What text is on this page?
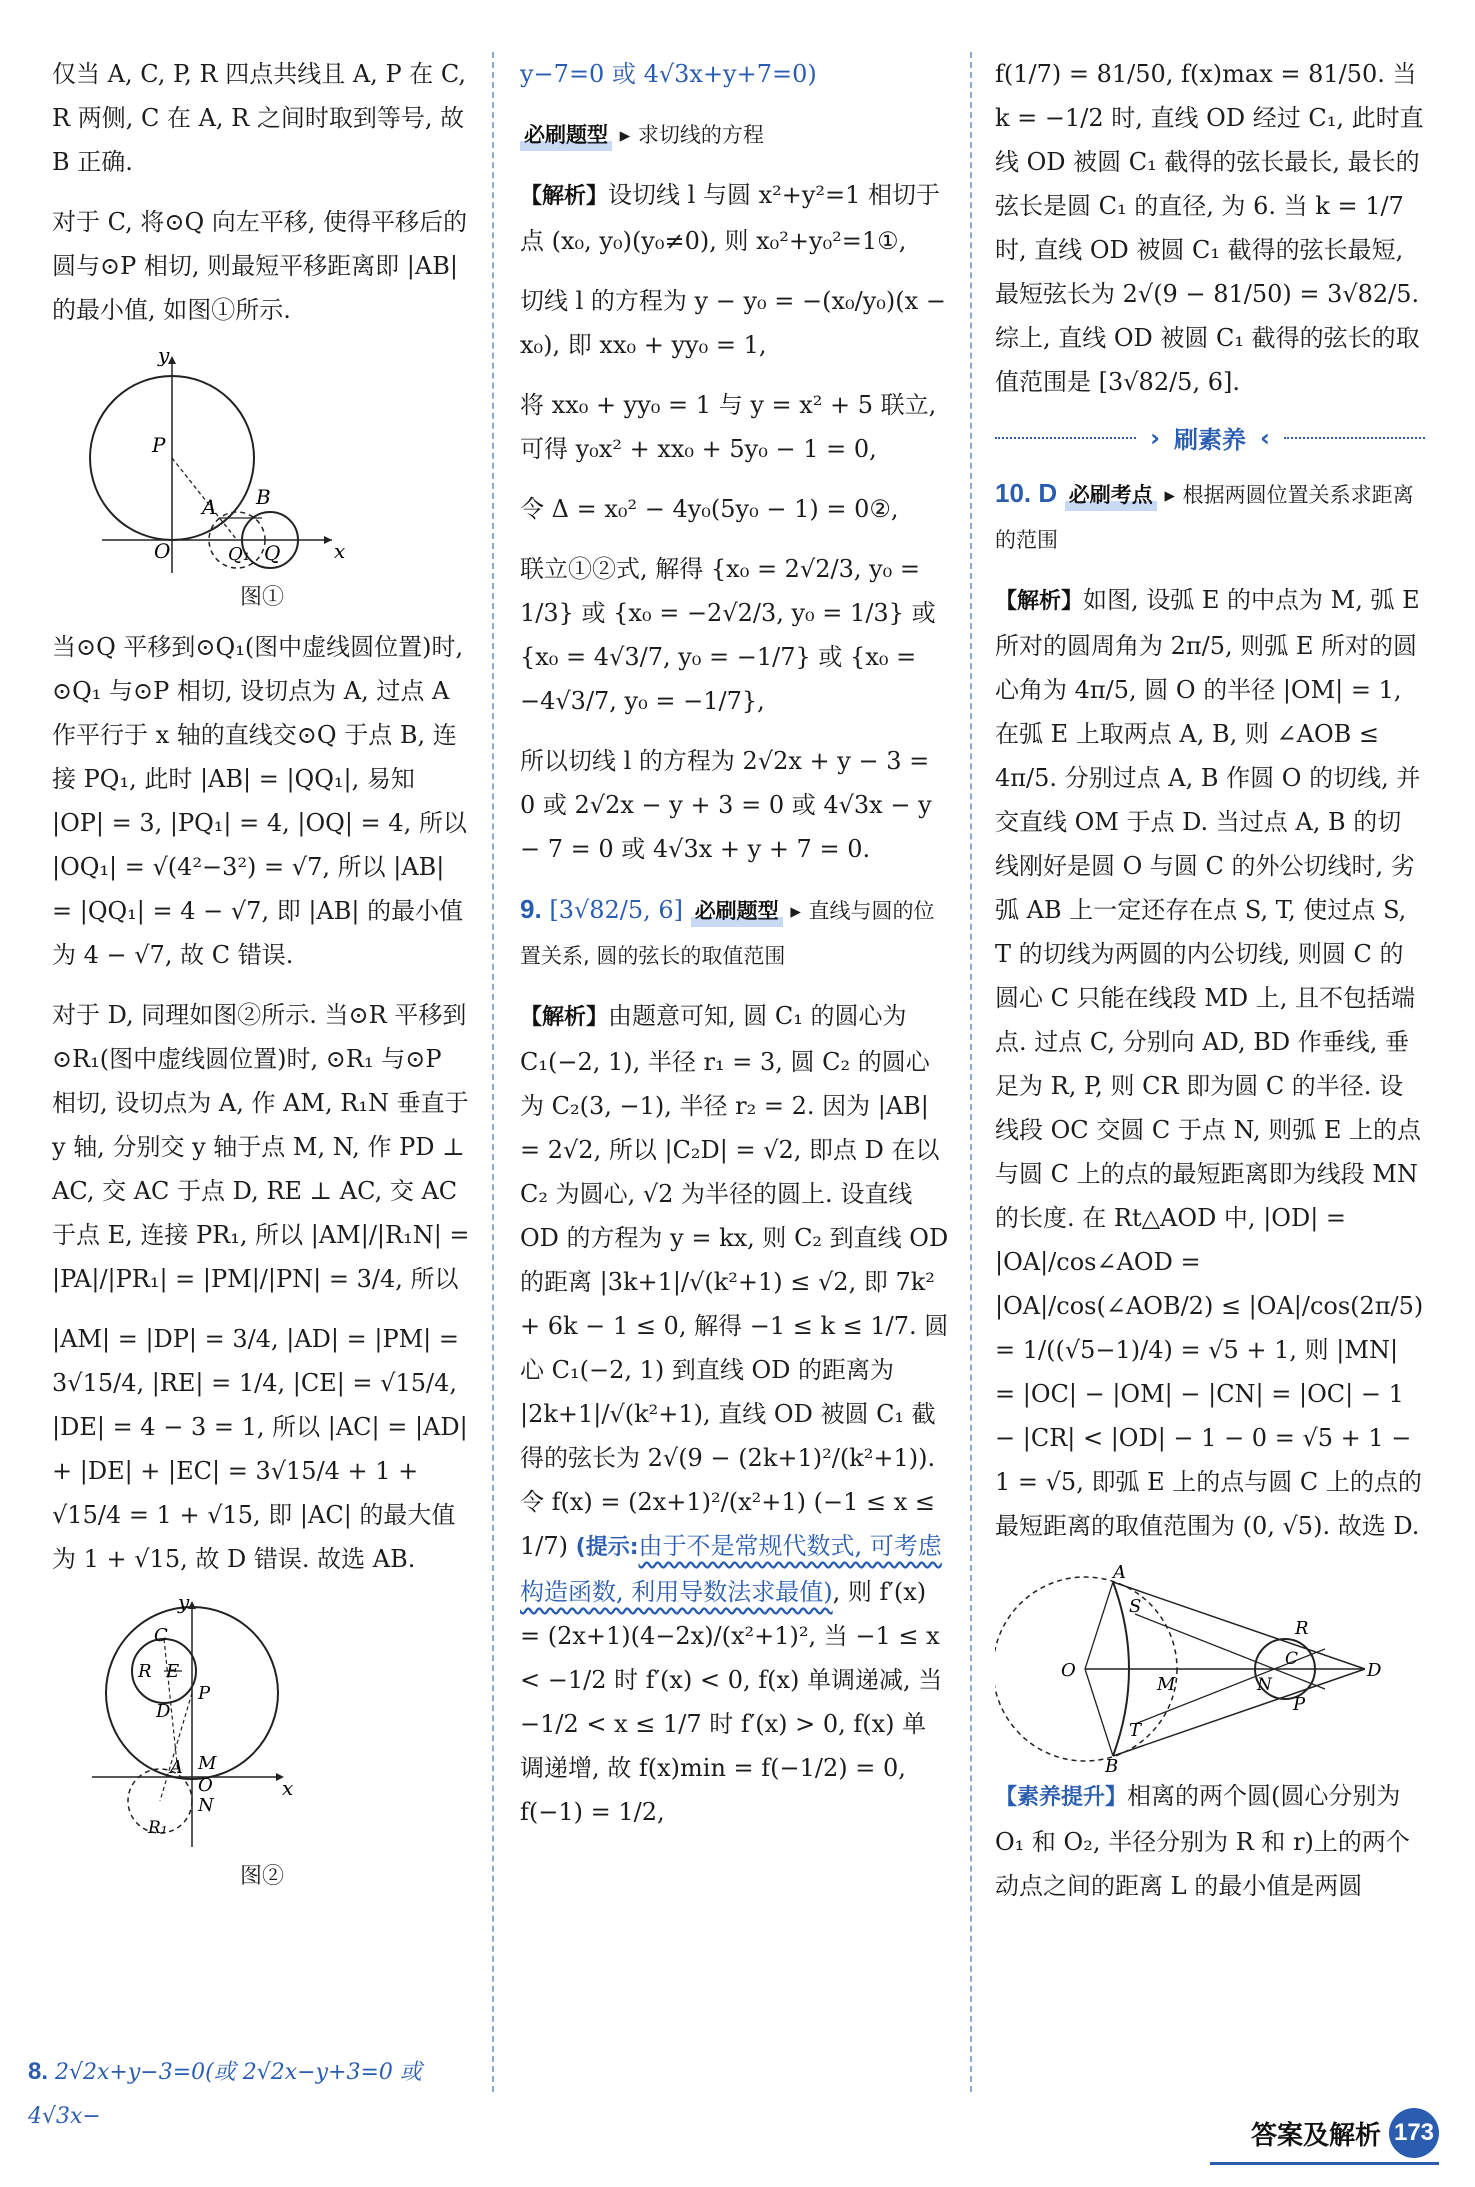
仅当 A, C, P, R 四点共线且 A, P 在 C, R 两侧, C 在 A, R 之间时取到等号, 故 B 正确.

对于 C, 将⊙Q 向左平移, 使得平移后的圆与⊙P 相切, 则最短平移距离即 |AB| 的最小值, 如图①所示.

y
x
O
P
A B
Q₁ Q
图①

当⊙Q 平移到⊙Q₁(图中虚线圆位置)时, ⊙Q₁ 与⊙P 相切, 设切点为 A, 过点 A 作平行于 x 轴的直线交⊙Q 于点 B, 连接 PQ₁, 此时 |AB| = |QQ₁|, 易知 |OP| = 3, |PQ₁| = 4, |OQ| = 4, 所以 |OQ₁| = √(4²−3²) = √7, 所以 |AB| = |QQ₁| = 4 − √7, 即 |AB| 的最小值为 4 − √7, 故 C 错误.

对于 D, 同理如图②所示. 当⊙R 平移到⊙R₁(图中虚线圆位置)时, ⊙R₁ 与⊙P 相切, 设切点为 A, 作 AM, R₁N 垂直于 y 轴, 分别交 y 轴于点 M, N, 作 PD ⊥ AC, 交 AC 于点 D, RE ⊥ AC, 交 AC 于点 E, 连接 PR₁, 所以 |AM|/|R₁N| = |PA|/|PR₁| = |PM|/|PN| = 3/4, 所以

|AM| = |DP| = 3/4, |AD| = |PM| = 3√15/4, |RE| = 1/4, |CE| = √15/4, |DE| = 4 − 3 = 1, 所以 |AC| = |AD| + |DE| + |EC| = 3√15/4 + 1 + √15/4 = 1 + √15, 即 |AC| 的最大值为 1 + √15, 故 D 错误. 故选 AB.

y
x
C
R E
P
D
A M
O
N
R₁
图②
8. 2√2x+y−3=0(或 2√2x−y+3=0 或 4√3x−

y−7=0 或 4√3x+y+7=0)

必刷题型 ▸ 求切线的方程

【解析】设切线 l 与圆 x²+y²=1 相切于点 (x₀, y₀)(y₀≠0), 则 x₀²+y₀²=1①,

切线 l 的方程为 y − y₀ = −(x₀/y₀)(x − x₀), 即 xx₀ + yy₀ = 1,

将 xx₀ + yy₀ = 1 与 y = x² + 5 联立, 可得 y₀x² + xx₀ + 5y₀ − 1 = 0,

令 Δ = x₀² − 4y₀(5y₀ − 1) = 0②,

联立①②式, 解得 {x₀ = 2√2/3, y₀ = 1/3} 或 {x₀ = −2√2/3, y₀ = 1/3} 或 {x₀ = 4√3/7, y₀ = −1/7} 或 {x₀ = −4√3/7, y₀ = −1/7},

所以切线 l 的方程为 2√2x + y − 3 = 0 或 2√2x − y + 3 = 0 或 4√3x − y − 7 = 0 或 4√3x + y + 7 = 0.

9. [3√82/5, 6] 必刷题型 ▸ 直线与圆的位置关系, 圆的弦长的取值范围

【解析】由题意可知, 圆 C₁ 的圆心为 C₁(−2, 1), 半径 r₁ = 3, 圆 C₂ 的圆心为 C₂(3, −1), 半径 r₂ = 2. 因为 |AB| = 2√2, 所以 |C₂D| = √2, 即点 D 在以 C₂ 为圆心, √2 为半径的圆上. 设直线 OD 的方程为 y = kx, 则 C₂ 到直线 OD 的距离 |3k+1|/√(k²+1) ≤ √2, 即 7k² + 6k − 1 ≤ 0, 解得 −1 ≤ k ≤ 1/7. 圆心 C₁(−2, 1) 到直线 OD 的距离为 |2k+1|/√(k²+1), 直线 OD 被圆 C₁ 截得的弦长为 2√(9 − (2k+1)²/(k²+1)). 令 f(x) = (2x+1)²/(x²+1) (−1 ≤ x ≤ 1/7) (提示:由于不是常规代数式, 可考虑构造函数, 利用导数法求最值), 则 f′(x) = (2x+1)(4−2x)/(x²+1)², 当 −1 ≤ x < −1/2 时 f′(x) < 0, f(x) 单调递减, 当 −1/2 < x ≤ 1/7 时 f′(x) > 0, f(x) 单调递增, 故 f(x)min = f(−1/2) = 0, f(−1) = 1/2,

f(1/7) = 81/50, f(x)max = 81/50. 当 k = −1/2 时, 直线 OD 经过 C₁, 此时直线 OD 被圆 C₁ 截得的弦长最长, 最长的弦长是圆 C₁ 的直径, 为 6. 当 k = 1/7 时, 直线 OD 被圆 C₁ 截得的弦长最短, 最短弦长为 2√(9 − 81/50) = 3√82/5. 综上, 直线 OD 被圆 C₁ 截得的弦长的取值范围是 [3√82/5, 6].

› 刷素养 ‹

10. D 必刷考点 ▸ 根据两圆位置关系求距离的范围

【解析】如图, 设弧 E 的中点为 M, 弧 E 所对的圆周角为 2π/5, 则弧 E 所对的圆心角为 4π/5, 圆 O 的半径 |OM| = 1, 在弧 E 上取两点 A, B, 则 ∠AOB ≤ 4π/5. 分别过点 A, B 作圆 O 的切线, 并交直线 OM 于点 D. 当过点 A, B 的切线刚好是圆 O 与圆 C 的外公切线时, 劣弧 AB 上一定还存在点 S, T, 使过点 S, T 的切线为两圆的内公切线, 则圆 C 的圆心 C 只能在线段 MD 上, 且不包括端点. 过点 C, 分别向 AD, BD 作垂线, 垂足为 R, P, 则 CR 即为圆 C 的半径. 设线段 OC 交圆 C 于点 N, 则弧 E 上的点与圆 C 上的点的最短距离即为线段 MN 的长度. 在 Rt△AOD 中, |OD| = |OA|/cos∠AOD = |OA|/cos(∠AOB/2) ≤ |OA|/cos(2π/5) = 1/((√5−1)/4) = √5 + 1, 则 |MN| = |OC| − |OM| − |CN| = |OC| − 1 − |CR| < |OD| − 1 − 0 = √5 + 1 − 1 = √5, 即弧 E 上的点与圆 C 上的点的最短距离的取值范围为 (0, √5). 故选 D.

A
S
R
O
M	N
C
P
D
T
B

【素养提升】相离的两个圆(圆心分别为 O₁ 和 O₂, 半径分别为 R 和 r)上的两个动点之间的距离 L 的最小值是两圆

答案及解析 173
